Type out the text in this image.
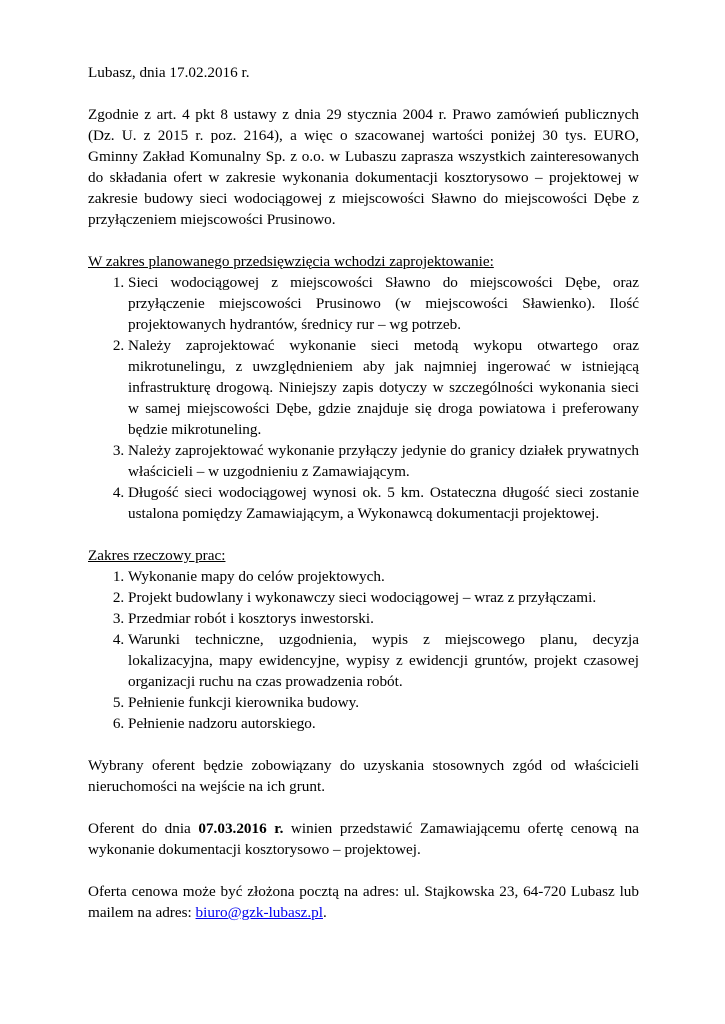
Lubasz, dnia 17.02.2016 r.

Zgodnie z art. 4 pkt 8 ustawy z dnia 29 stycznia 2004 r. Prawo zamówień publicznych (Dz. U. z 2015 r. poz. 2164), a więc o szacowanej wartości poniżej 30 tys. EURO, Gminny Zakład Komunalny Sp. z o.o. w Lubaszu zaprasza wszystkich zainteresowanych do składania ofert w zakresie wykonania dokumentacji kosztorysowo – projektowej w zakresie budowy sieci wodociągowej z miejscowości Sławno do miejscowości Dębe z przyłączeniem miejscowości Prusinowo.

W zakres planowanego przedsięwzięcia wchodzi zaprojektowanie:

1. Sieci wodociągowej z miejscowości Sławno do miejscowości Dębe, oraz przyłączenie miejscowości Prusinowo (w miejscowości Sławienko). Ilość projektowanych hydrantów, średnicy rur – wg potrzeb.
2. Należy zaprojektować wykonanie sieci metodą wykopu otwartego oraz mikrotunelingu, z uwzględnieniem aby jak najmniej ingerować w istniejącą infrastrukturę drogową. Niniejszy zapis dotyczy w szczególności wykonania sieci w samej miejscowości Dębe, gdzie znajduje się droga powiatowa i preferowany będzie mikrotuneling.
3. Należy zaprojektować wykonanie przyłączy jedynie do granicy działek prywatnych właścicieli – w uzgodnieniu z Zamawiającym.
4. Długość sieci wodociągowej wynosi ok. 5 km. Ostateczna długość sieci zostanie ustalona pomiędzy Zamawiającym, a Wykonawcą dokumentacji projektowej.

Zakres rzeczowy prac:

1. Wykonanie mapy do celów projektowych.
2. Projekt budowlany i wykonawczy sieci wodociągowej – wraz z przyłączami.
3. Przedmiar robót i kosztorys inwestorski.
4. Warunki techniczne, uzgodnienia, wypis z miejscowego planu, decyzja lokalizacyjna, mapy ewidencyjne, wypisy z ewidencji gruntów, projekt czasowej organizacji ruchu na czas prowadzenia robót.
5. Pełnienie funkcji kierownika budowy.
6. Pełnienie nadzoru autorskiego.

Wybrany oferent będzie zobowiązany do uzyskania stosownych zgód od właścicieli nieruchomości na wejście na ich grunt.

Oferent do dnia 07.03.2016 r. winien przedstawić Zamawiającemu ofertę cenową na wykonanie dokumentacji kosztorysowo – projektowej.

Oferta cenowa może być złożona pocztą na adres: ul. Stajkowska 23, 64-720 Lubasz lub mailem na adres: biuro@gzk-lubasz.pl.
